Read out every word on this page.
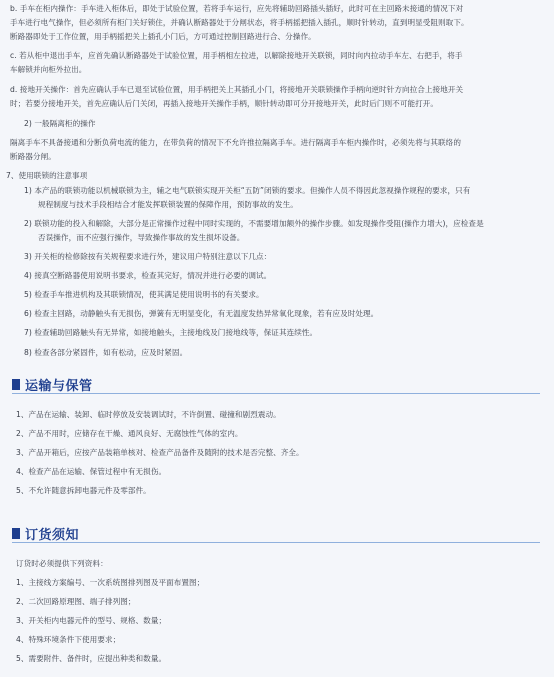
b. 手车在柜内操作：手车进入柜体后，即处于试验位置，若将手车运行，应先将辅助回路插头插好，此时可在主回路未接通的情况下对
手车进行电气操作，但必须所有柜门关好锁住，并确认断路器处于分闸状态，将手柄摇把插入插孔，顺时针转动，直到明显受阻则取下。
断路器即处于工作位置，用手柄摇把关上插孔小门后，方可通过控制回路进行合、分操作。
c. 若从柜中退出手车，应首先确认断路器处于试验位置，用手柄相左拉进，以解除接地开关联锁，同时向内拉动手车左、右把手，将手
车解锁并向柜外拉出。
d. 接地开关操作：首先应确认手车已退至试验位置，用手柄把关上其插孔小门，将接地开关联锁操作手柄向逆时针方向拉合上接地开关
时；若要分接地开关，首先应确认后门关闭，再插入接地开关操作手柄，顺针转动即可分开接地开关，此时后门则不可能打开。
2) 一般隔离柜的操作
隔离手车不具备接通和分断负荷电流的能力，在带负荷的情况下不允许推拉隔离手车。进行隔离手车柜内操作时，必须先将与其联络的
断路器分闸。
7、使用联锁的注意事项
1) 本产品的联锁功能以机械联锁为主，辅之电气联锁实现开关柜“五防”闭锁的要求。但操作人员不得因此忽视操作规程的要求，只有
规程制度与技术手段相结合才能发挥联锁装置的保障作用，预防事故的发生。
2) 联锁功能的投入和解除，大部分是正常操作过程中同时实现的，不需要增加额外的操作步骤。如发现操作受阻(操作力增大)，应检查是
否误操作，而不应强行操作，导致操作事故的发生损坏设备。
3) 开关柜的检修除按有关规程要求进行外，建议用户特别注意以下几点：
4) 接真空断路器使用说明书要求，检查其完好，情况并进行必要的调试。
5) 检查手车推进机构及其联锁情况，使其满足使用说明书的有关要求。
6) 检查主回路，动静触头有无损伤，弹簧有无明显变化，有无温度发热异常氧化现象，若有应及时处理。
7) 检查辅助回路触头有无异常，如接地触头，主接地线及门接地线等，保证其连续性。
8) 检查各部分紧固件，如有松动，应及时紧固。
运输与保管
1、产品在运输、装卸、临时停放及安装调试时，不许倒置、碰撞和剧烈震动。
2、产品不用时，应储存在干燥、通风良好、无腐蚀性气体的室内。
3、产品开箱后，应按产品装箱单核对、检查产品备件及随附的技术是否完整、齐全。
4、检查产品在运输、保管过程中有无损伤。
5、不允许随意拆卸电器元件及零部件。
订货须知
订货时必须提供下列资料：
1、主接线方案编号、一次系统图排列图及平面布置图；
2、二次回路原理图、端子排列图；
3、开关柜内电器元件的型号、规格、数量；
4、特殊环境条件下使用要求；
5、需要附件、备件时，应提出种类和数量。
